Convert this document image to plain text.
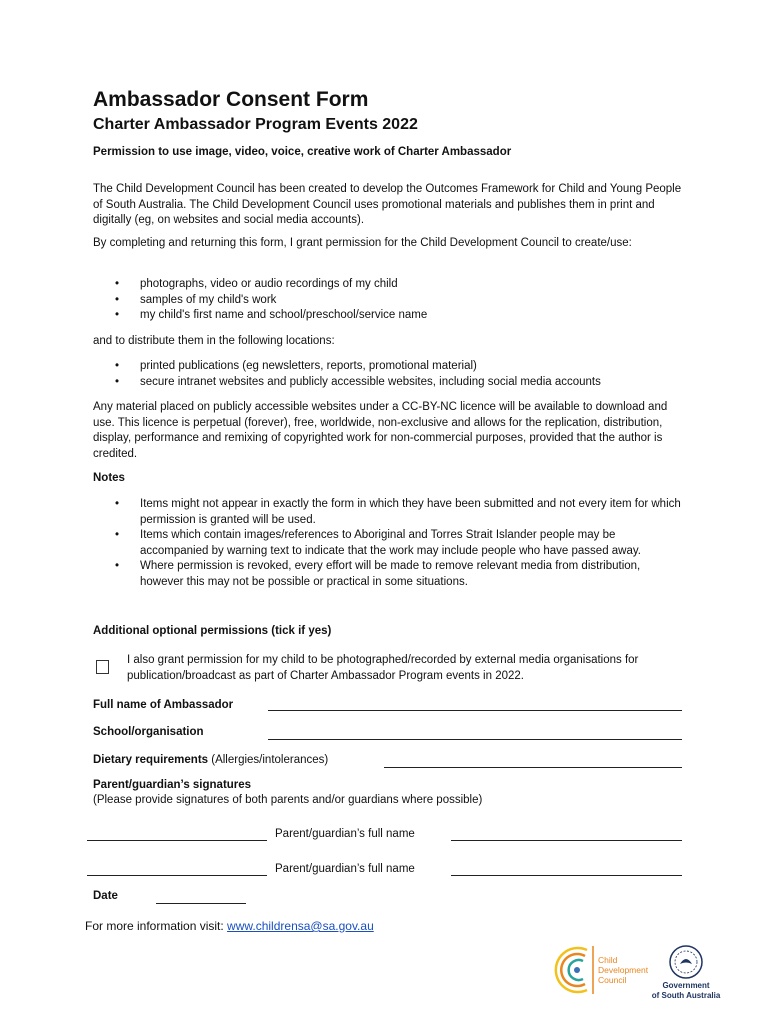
Ambassador Consent Form
Charter Ambassador Program Events 2022
Permission to use image, video, voice, creative work of Charter Ambassador

The Child Development Council has been created to develop the Outcomes Framework for Child and Young People of South Australia. The Child Development Council uses promotional materials and publishes them in print and digitally (eg, on websites and social media accounts).

By completing and returning this form, I grant permission for the Child Development Council to create/use:

• photographs, video or audio recordings of my child
• samples of my child's work
• my child's first name and school/preschool/service name

and to distribute them in the following locations:

• printed publications (eg newsletters, reports, promotional material)
• secure intranet websites and publicly accessible websites, including social media accounts

Any material placed on publicly accessible websites under a CC-BY-NC licence will be available to download and use. This licence is perpetual (forever), free, worldwide, non-exclusive and allows for the replication, distribution, display, performance and remixing of copyrighted work for non-commercial purposes, provided that the author is credited.

Notes
• Items might not appear in exactly the form in which they have been submitted and not every item for which permission is granted will be used.
• Items which contain images/references to Aboriginal and Torres Strait Islander people may be accompanied by warning text to indicate that the work may include people who have passed away.
• Where permission is revoked, every effort will be made to remove relevant media from distribution, however this may not be possible or practical in some situations.
Additional optional permissions (tick if yes)

I also grant permission for my child to be photographed/recorded by external media organisations for publication/broadcast as part of Charter Ambassador Program events in 2022.

Full name of Ambassador
School/organisation
Dietary requirements (Allergies/intolerances)
Parent/guardian’s signatures
(Please provide signatures of both parents and/or guardians where possible)
Parent/guardian’s full name
Parent/guardian’s full name
Date
For more information visit: www.childrensa@sa.gov.au
Child
Development
Council
Government
of South Australia
